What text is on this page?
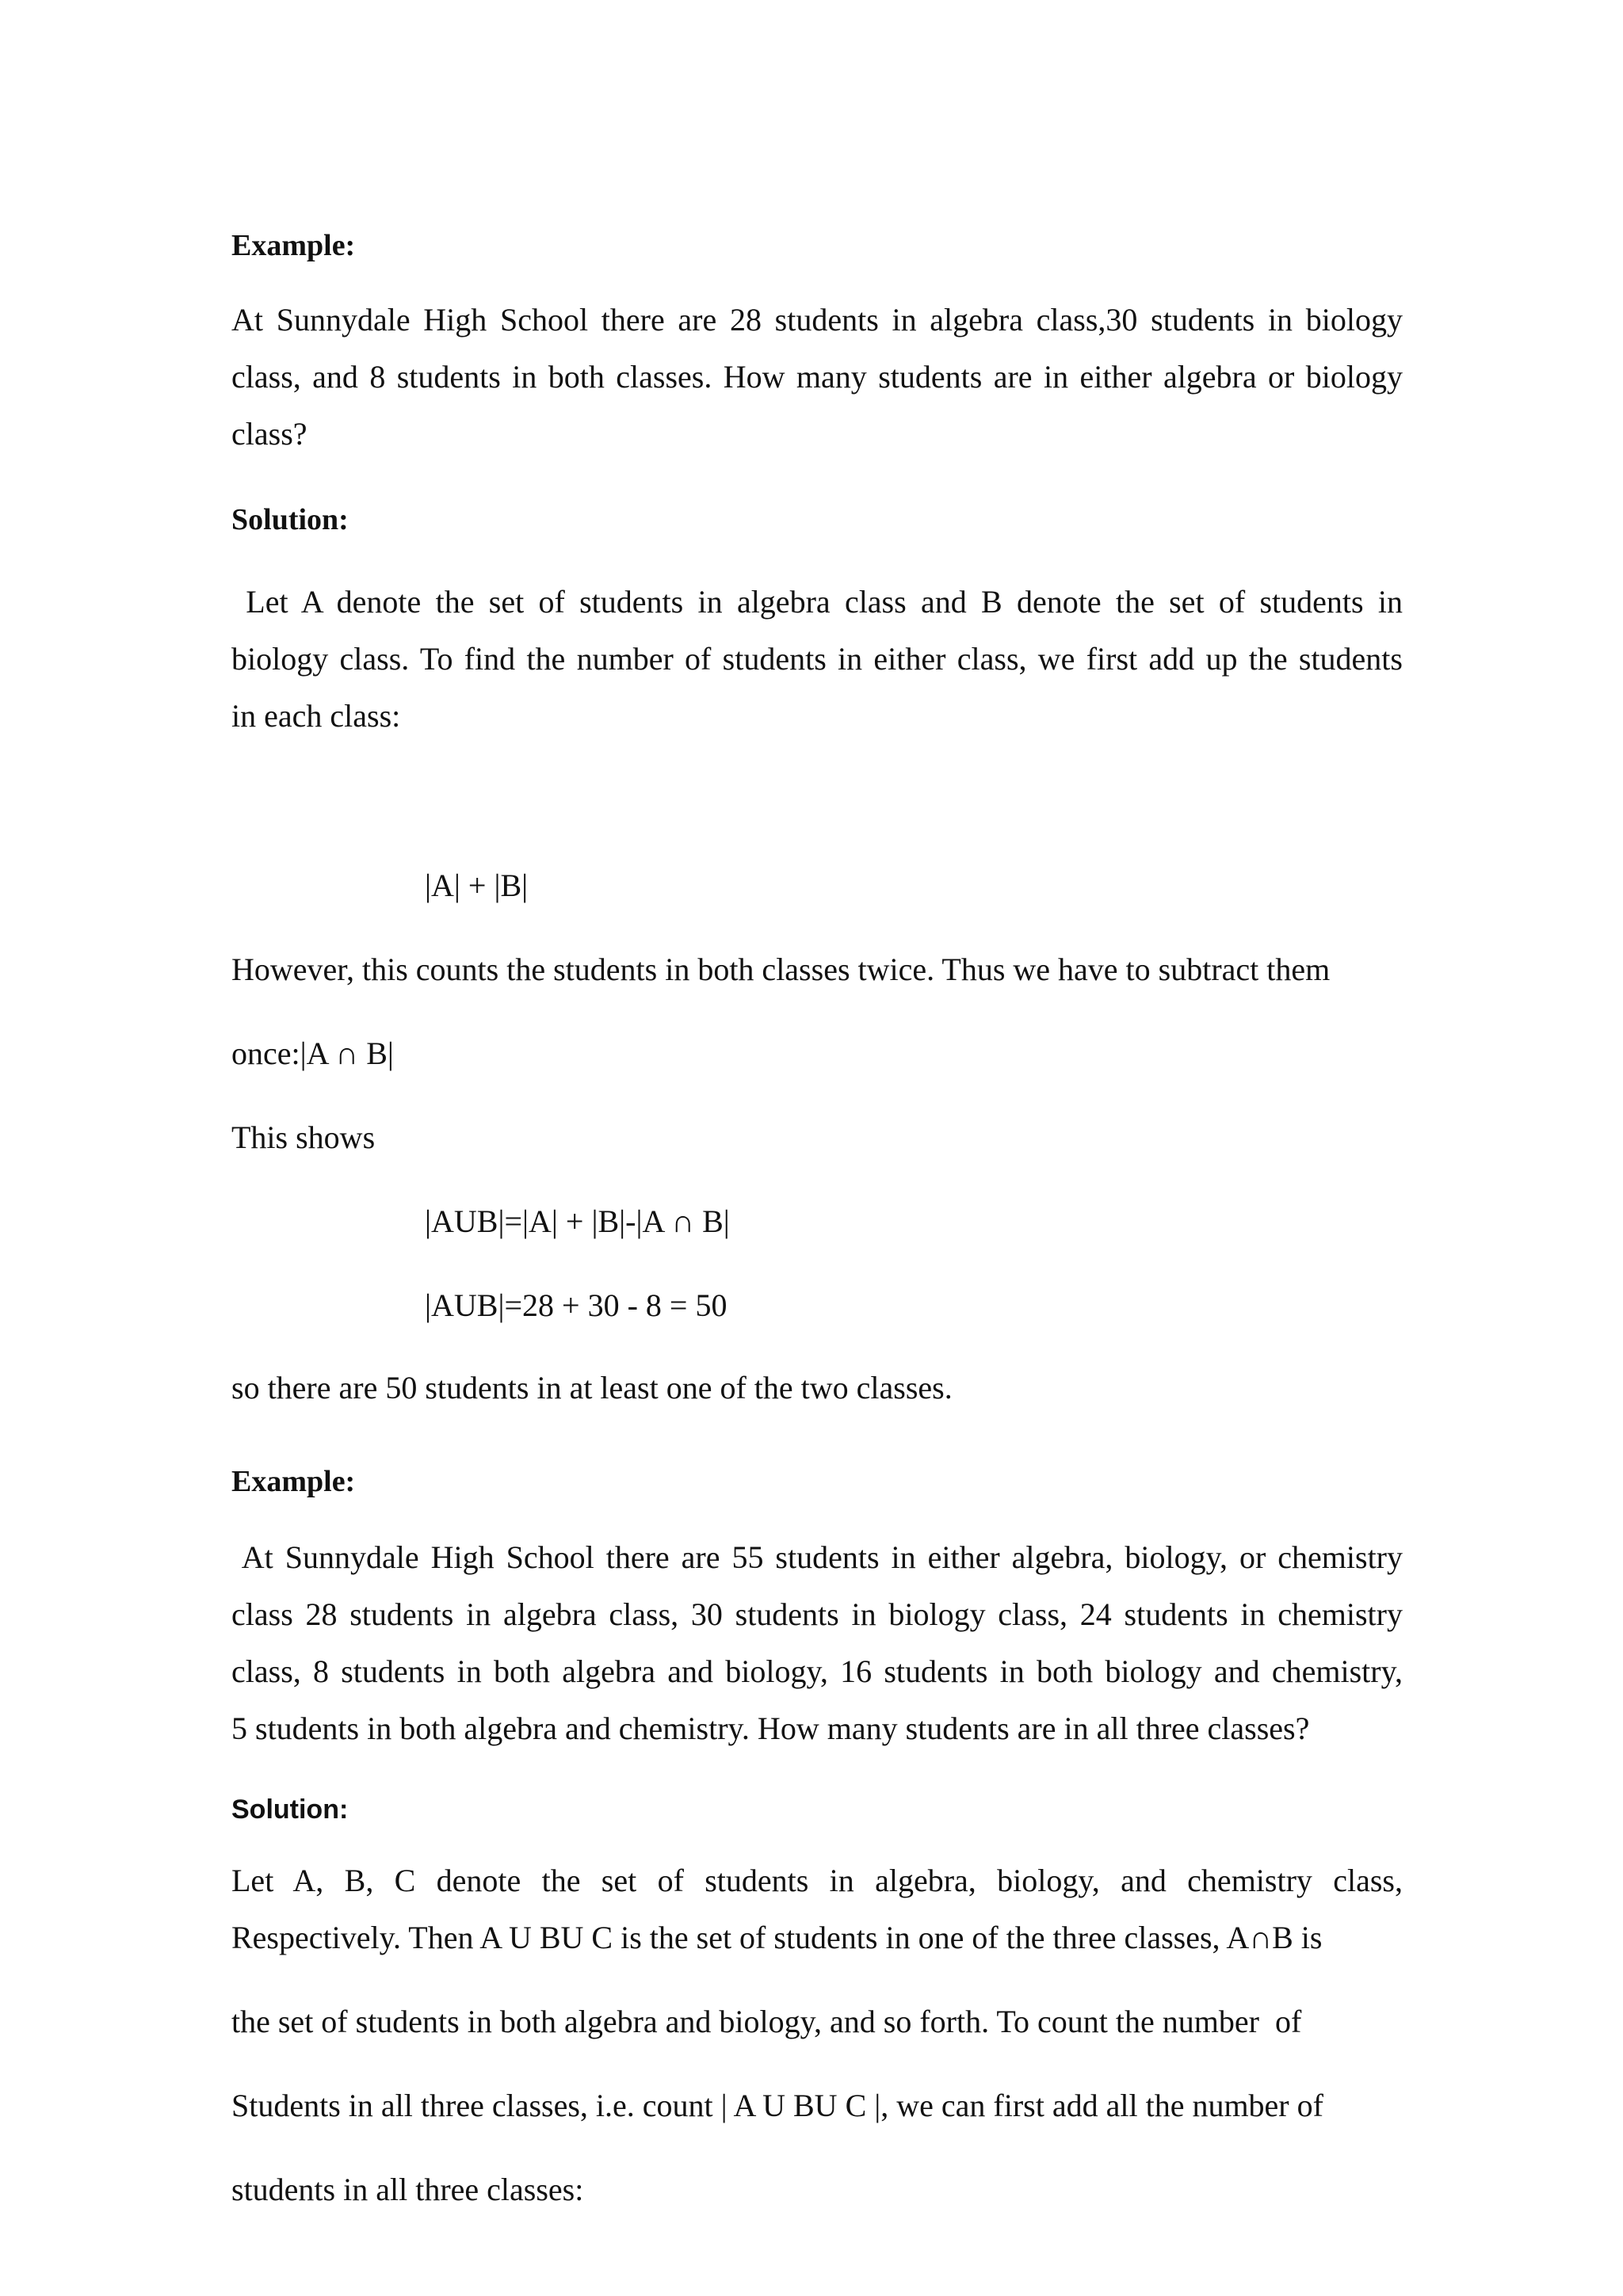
Example:

At Sunnydale High School there are 28 students in algebra class,30 students in biology

class, and 8 students in both classes. How many students are in either algebra or biology

class?

Solution:

Let A denote the set of students in algebra class and B denote the set of students in

biology class. To find the number of students in either class, we first add up the students

in each class:

|A| + |B|

However, this counts the students in both classes twice. Thus we have to subtract them

once:|A ∩ B|

This shows

|AUB|=|A| + |B|-|A ∩ B|

|AUB|=28 + 30 - 8 = 50

so there are 50 students in at least one of the two classes.

Example:

At Sunnydale High School there are 55 students in either algebra, biology, or chemistry

class 28 students in algebra class, 30 students in biology class, 24 students in chemistry

class, 8 students in both algebra and biology, 16 students in both biology and chemistry,

5 students in both algebra and chemistry. How many students are in all three classes?

Solution:

Let A, B, C denote the set of students in algebra, biology, and chemistry class,

Respectively. Then A U BU C is the set of students in one of the three classes, A∩B is

the set of students in both algebra and biology, and so forth. To count the number  of

Students in all three classes, i.e. count | A U BU C |, we can first add all the number of

students in all three classes:
